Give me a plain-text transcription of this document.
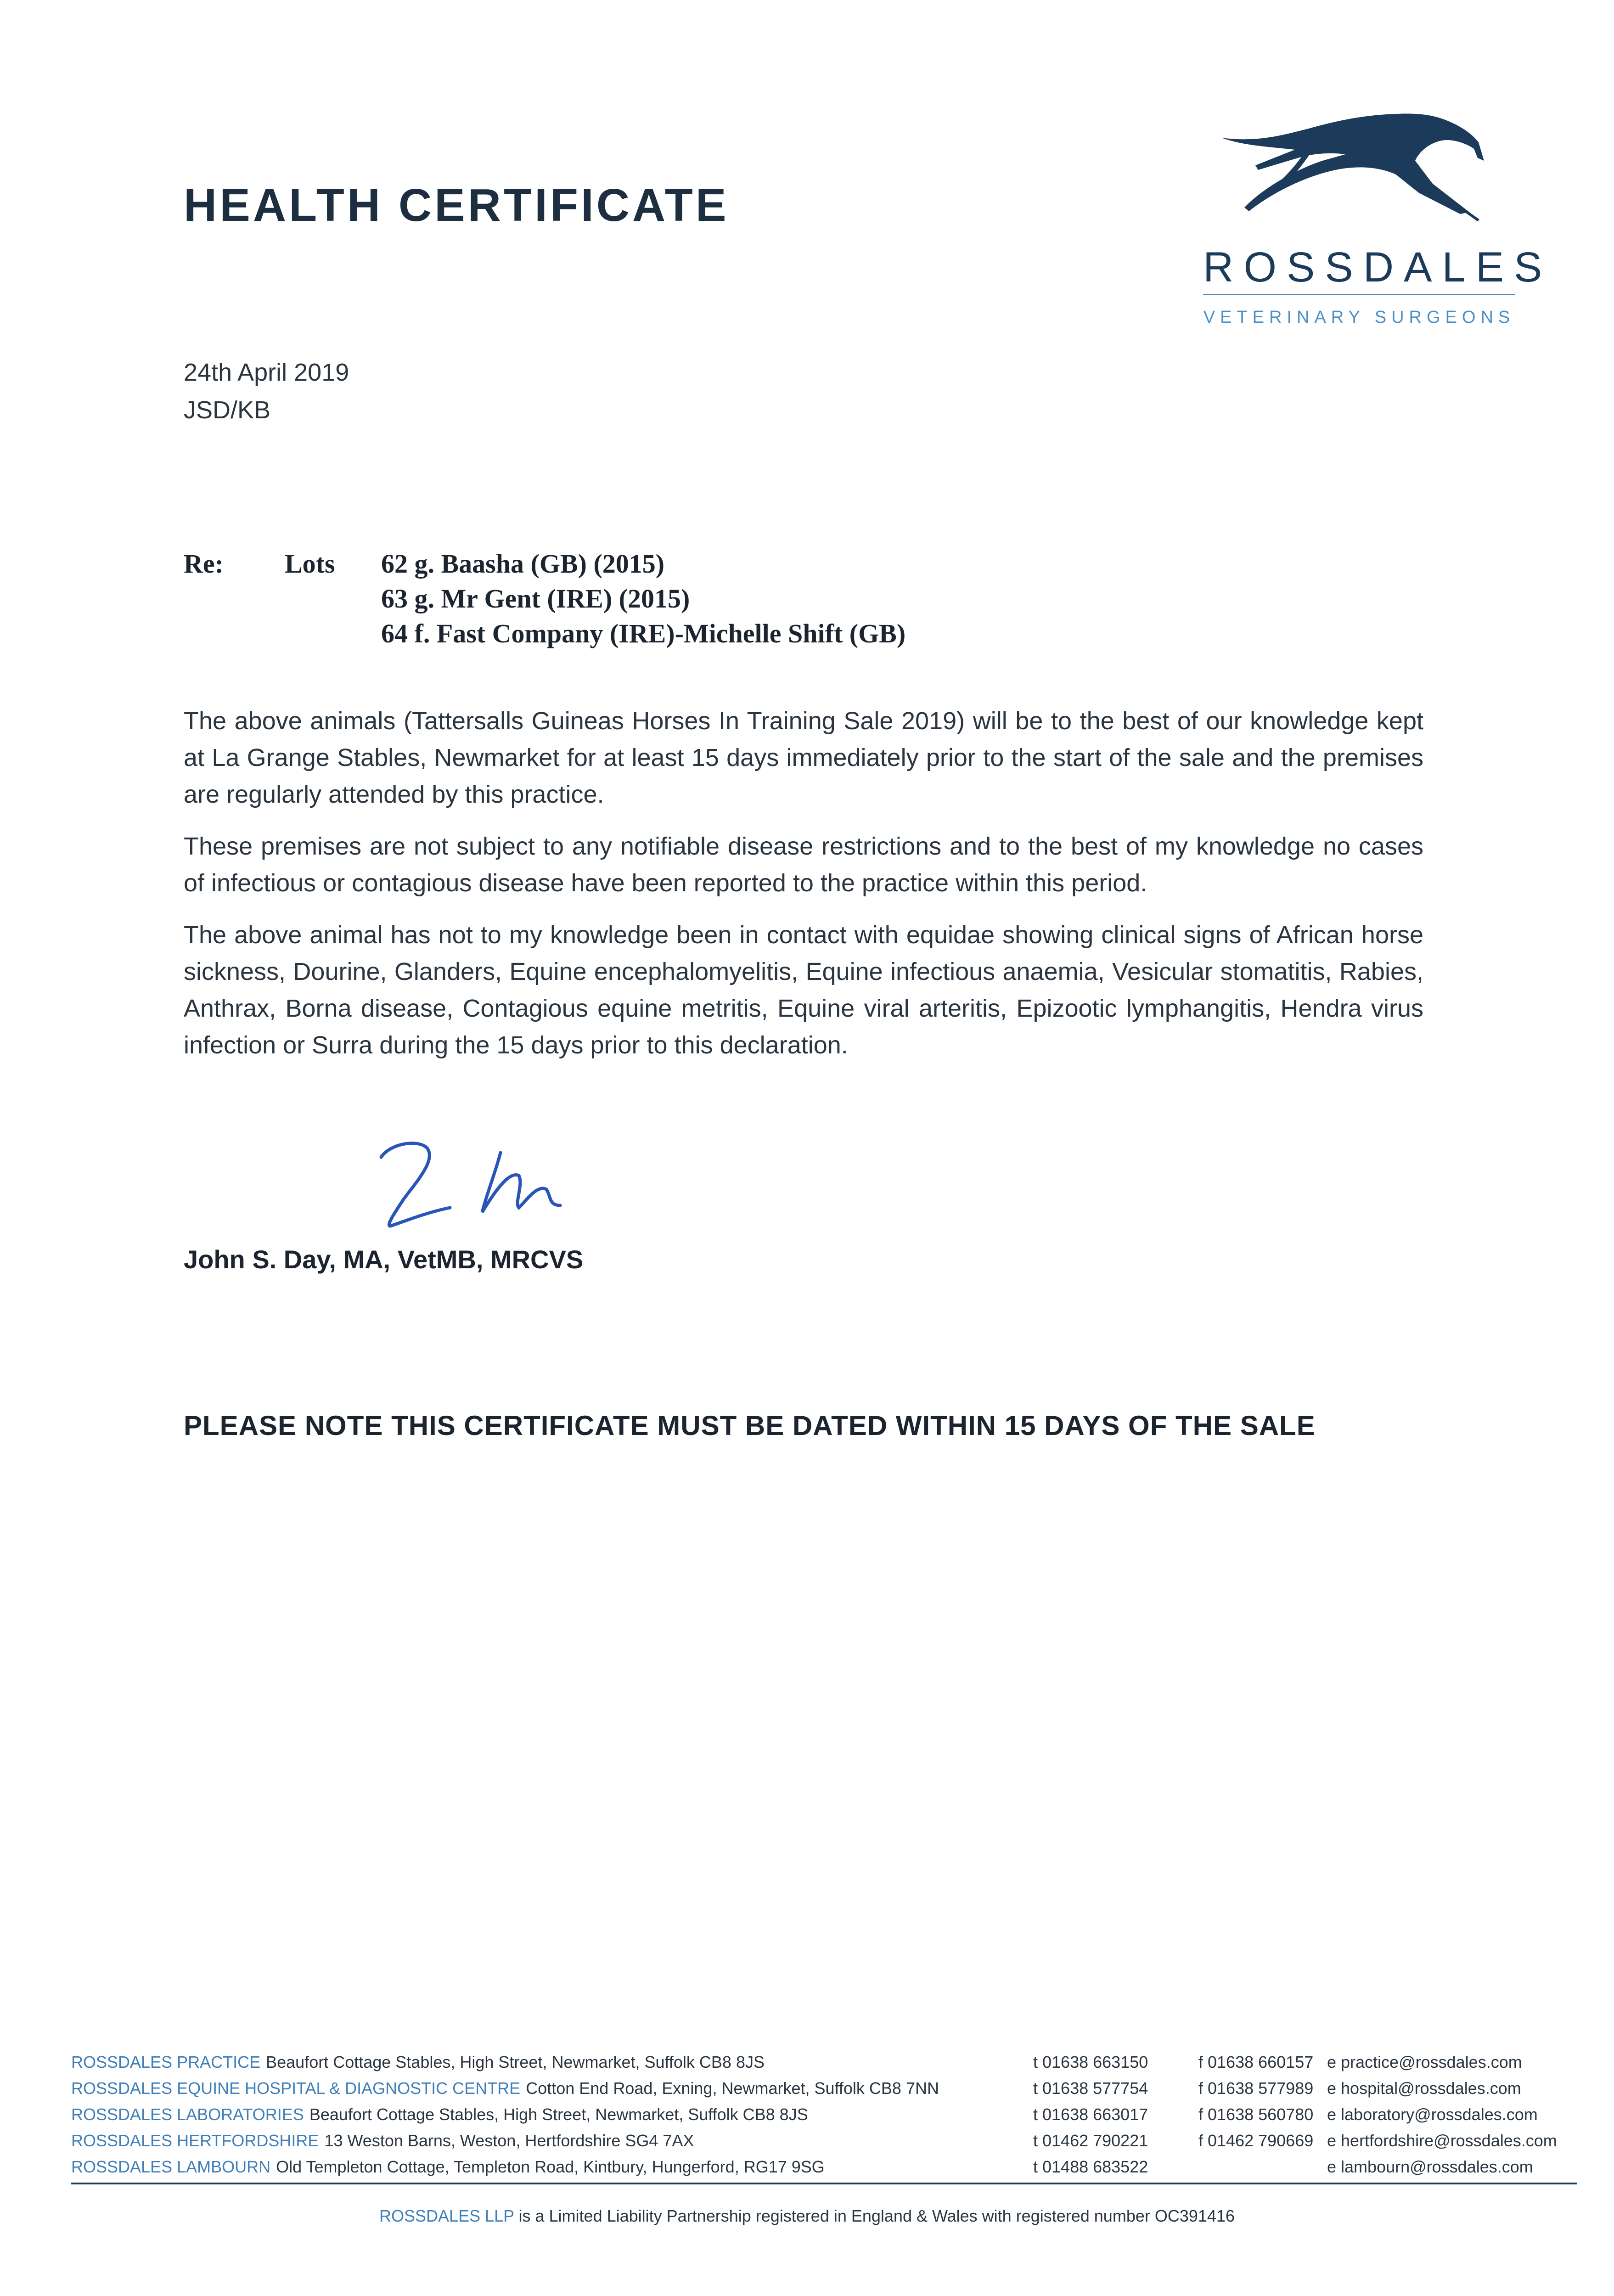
HEALTH CERTIFICATE
ROSSDALES
VETERINARY SURGEONS
24th April 2019
JSD/KB
Re: Lots 62 g. Baasha (GB) (2015)
63 g. Mr Gent (IRE) (2015)
64 f. Fast Company (IRE)-Michelle Shift (GB)

The above animals (Tattersalls Guineas Horses In Training Sale 2019) will be to the best of our knowledge kept at La Grange Stables, Newmarket for at least 15 days immediately prior to the start of the sale and the premises are regularly attended by this practice.

These premises are not subject to any notifiable disease restrictions and to the best of my knowledge no cases of infectious or contagious disease have been reported to the practice within this period.

The above animal has not to my knowledge been in contact with equidae showing clinical signs of African horse sickness, Dourine, Glanders, Equine encephalomyelitis, Equine infectious anaemia, Vesicular stomatitis, Rabies, Anthrax, Borna disease, Contagious equine metritis, Equine viral arteritis, Epizootic lymphangitis, Hendra virus infection or Surra during the 15 days prior to this declaration.

John S. Day, MA, VetMB, MRCVS
PLEASE NOTE THIS CERTIFICATE MUST BE DATED WITHIN 15 DAYS OF THE SALE
ROSSDALES PRACTICE Beaufort Cottage Stables, High Street, Newmarket, Suffolk CB8 8JS	t 01638 663150	f 01638 660157 e practice@rossdales.com
ROSSDALES EQUINE HOSPITAL & DIAGNOSTIC CENTRE Cotton End Road, Exning, Newmarket, Suffolk CB8 7NN	t 01638 577754	f 01638 577989 e hospital@rossdales.com
ROSSDALES LABORATORIES Beaufort Cottage Stables, High Street, Newmarket, Suffolk CB8 8JS	t 01638 663017	f 01638 560780 e laboratory@rossdales.com
ROSSDALES HERTFORDSHIRE 13 Weston Barns, Weston, Hertfordshire SG4 7AX	t 01462 790221	f 01462 790669 e hertfordshire@rossdales.com
ROSSDALES LAMBOURN Old Templeton Cottage, Templeton Road, Kintbury, Hungerford, RG17 9SG	t 01488 683522	e lambourn@rossdales.com
ROSSDALES LLP is a Limited Liability Partnership registered in England & Wales with registered number OC391416
